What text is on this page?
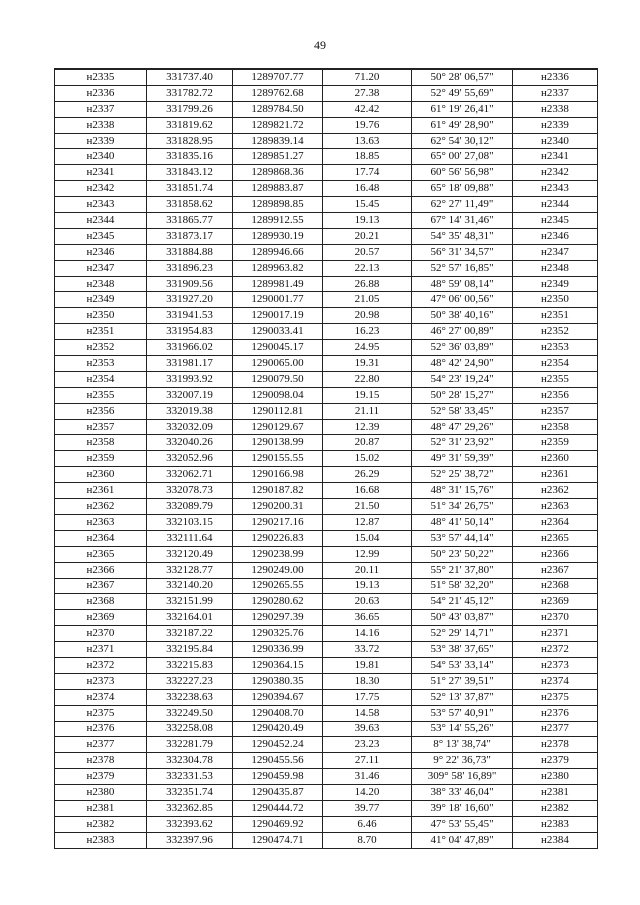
49
н2335	331737.40	1289707.77	71.20	50° 28' 06,57"	н2336
н2336	331782.72	1289762.68	27.38	52° 49' 55,69"	н2337
н2337	331799.26	1289784.50	42.42	61° 19' 26,41"	н2338
н2338	331819.62	1289821.72	19.76	61° 49' 28,90"	н2339
н2339	331828.95	1289839.14	13.63	62° 54' 30,12"	н2340
н2340	331835.16	1289851.27	18.85	65° 00' 27,08"	н2341
н2341	331843.12	1289868.36	17.74	60° 56' 56,98"	н2342
н2342	331851.74	1289883.87	16.48	65° 18' 09,88"	н2343
н2343	331858.62	1289898.85	15.45	62° 27' 11,49"	н2344
н2344	331865.77	1289912.55	19.13	67° 14' 31,46"	н2345
н2345	331873.17	1289930.19	20.21	54° 35' 48,31"	н2346
н2346	331884.88	1289946.66	20.57	56° 31' 34,57"	н2347
н2347	331896.23	1289963.82	22.13	52° 57' 16,85"	н2348
н2348	331909.56	1289981.49	26.88	48° 59' 08,14"	н2349
н2349	331927.20	1290001.77	21.05	47° 06' 00,56"	н2350
н2350	331941.53	1290017.19	20.98	50° 38' 40,16"	н2351
н2351	331954.83	1290033.41	16.23	46° 27' 00,89"	н2352
н2352	331966.02	1290045.17	24.95	52° 36' 03,89"	н2353
н2353	331981.17	1290065.00	19.31	48° 42' 24,90"	н2354
н2354	331993.92	1290079.50	22.80	54° 23' 19,24"	н2355
н2355	332007.19	1290098.04	19.15	50° 28' 15,27"	н2356
н2356	332019.38	1290112.81	21.11	52° 58' 33,45"	н2357
н2357	332032.09	1290129.67	12.39	48° 47' 29,26"	н2358
н2358	332040.26	1290138.99	20.87	52° 31' 23,92"	н2359
н2359	332052.96	1290155.55	15.02	49° 31' 59,39"	н2360
н2360	332062.71	1290166.98	26.29	52° 25' 38,72"	н2361
н2361	332078.73	1290187.82	16.68	48° 31' 15,76"	н2362
н2362	332089.79	1290200.31	21.50	51° 34' 26,75"	н2363
н2363	332103.15	1290217.16	12.87	48° 41' 50,14"	н2364
н2364	332111.64	1290226.83	15.04	53° 57' 44,14"	н2365
н2365	332120.49	1290238.99	12.99	50° 23' 50,22"	н2366
н2366	332128.77	1290249.00	20.11	55° 21' 37,80"	н2367
н2367	332140.20	1290265.55	19.13	51° 58' 32,20"	н2368
н2368	332151.99	1290280.62	20.63	54° 21' 45,12"	н2369
н2369	332164.01	1290297.39	36.65	50° 43' 03,87"	н2370
н2370	332187.22	1290325.76	14.16	52° 29' 14,71"	н2371
н2371	332195.84	1290336.99	33.72	53° 38' 37,65"	н2372
н2372	332215.83	1290364.15	19.81	54° 53' 33,14"	н2373
н2373	332227.23	1290380.35	18.30	51° 27' 39,51"	н2374
н2374	332238.63	1290394.67	17.75	52° 13' 37,87"	н2375
н2375	332249.50	1290408.70	14.58	53° 57' 40,91"	н2376
н2376	332258.08	1290420.49	39.63	53° 14' 55,26"	н2377
н2377	332281.79	1290452.24	23.23	8° 13' 38,74"	н2378
н2378	332304.78	1290455.56	27.11	9° 22' 36,73"	н2379
н2379	332331.53	1290459.98	31.46	309° 58' 16,89"	н2380
н2380	332351.74	1290435.87	14.20	38° 33' 46,04"	н2381
н2381	332362.85	1290444.72	39.77	39° 18' 16,60"	н2382
н2382	332393.62	1290469.92	6.46	47° 53' 55,45"	н2383
н2383	332397.96	1290474.71	8.70	41° 04' 47,89"	н2384
